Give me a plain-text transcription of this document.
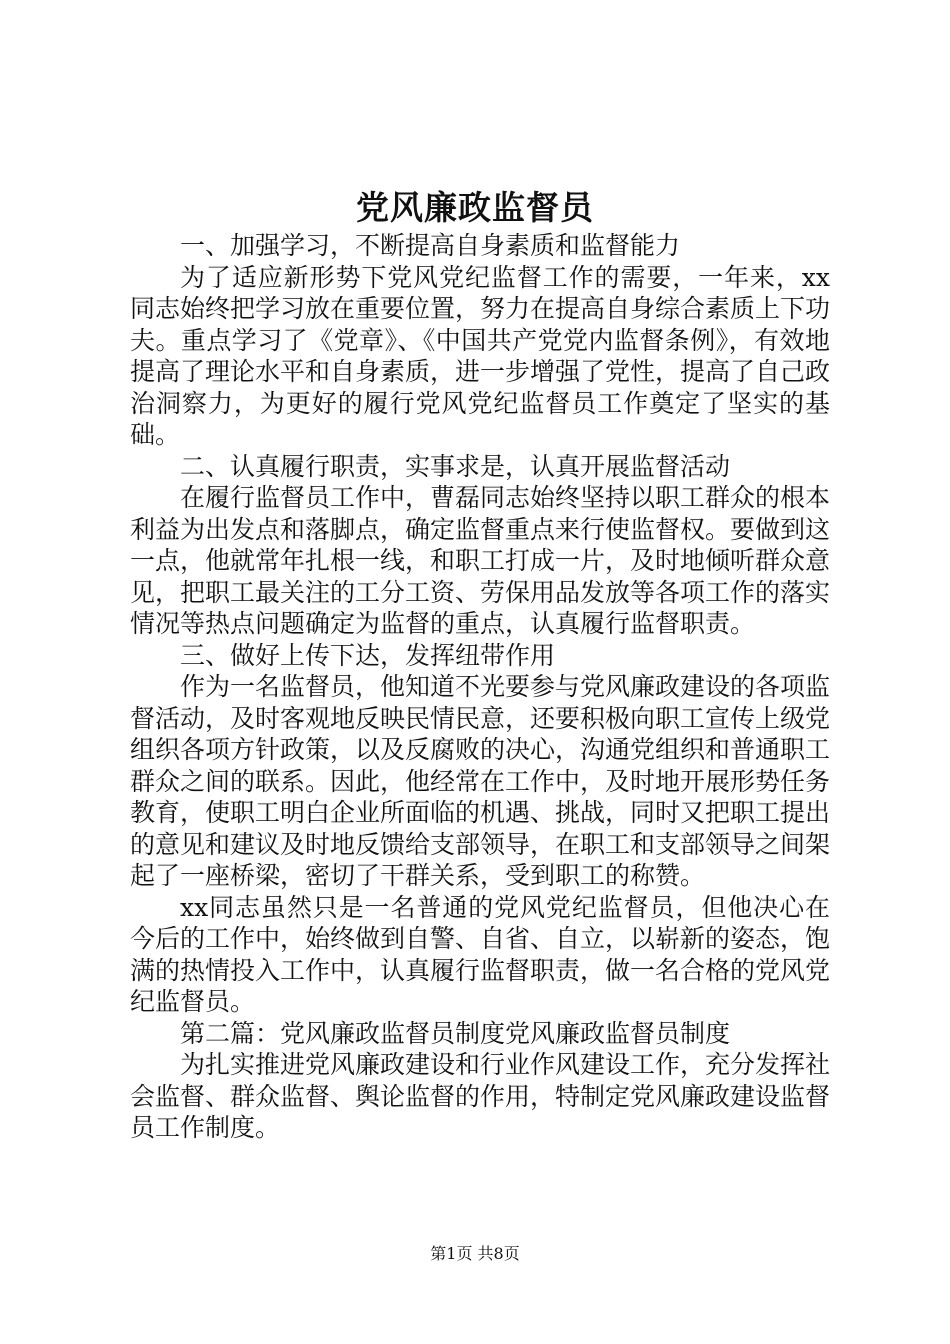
党风廉政监督员

一、加强学习，不断提高自身素质和监督能力

为了适应新形势下党风党纪监督工作的需要，一年来，xx同志始终把学习放在重要位置，努力在提高自身综合素质上下功夫。重点学习了《党章》、《中国共产党党内监督条例》，有效地提高了理论水平和自身素质，进一步增强了党性，提高了自己政治洞察力，为更好的履行党风党纪监督员工作奠定了坚实的基础。

二、认真履行职责，实事求是，认真开展监督活动

在履行监督员工作中，曹磊同志始终坚持以职工群众的根本利益为出发点和落脚点，确定监督重点来行使监督权。要做到这一点，他就常年扎根一线，和职工打成一片，及时地倾听群众意见，把职工最关注的工分工资、劳保用品发放等各项工作的落实情况等热点问题确定为监督的重点，认真履行监督职责。

三、做好上传下达，发挥纽带作用

作为一名监督员，他知道不光要参与党风廉政建设的各项监督活动，及时客观地反映民情民意，还要积极向职工宣传上级党组织各项方针政策，以及反腐败的决心，沟通党组织和普通职工群众之间的联系。因此，他经常在工作中，及时地开展形势任务教育，使职工明白企业所面临的机遇、挑战，同时又把职工提出的意见和建议及时地反馈给支部领导，在职工和支部领导之间架起了一座桥梁，密切了干群关系，受到职工的称赞。

xx同志虽然只是一名普通的党风党纪监督员，但他决心在今后的工作中，始终做到自警、自省、自立，以崭新的姿态，饱满的热情投入工作中，认真履行监督职责，做一名合格的党风党纪监督员。

第二篇：党风廉政监督员制度党风廉政监督员制度

为扎实推进党风廉政建设和行业作风建设工作，充分发挥社会监督、群众监督、舆论监督的作用，特制定党风廉政建设监督员工作制度。

第1页 共8页
